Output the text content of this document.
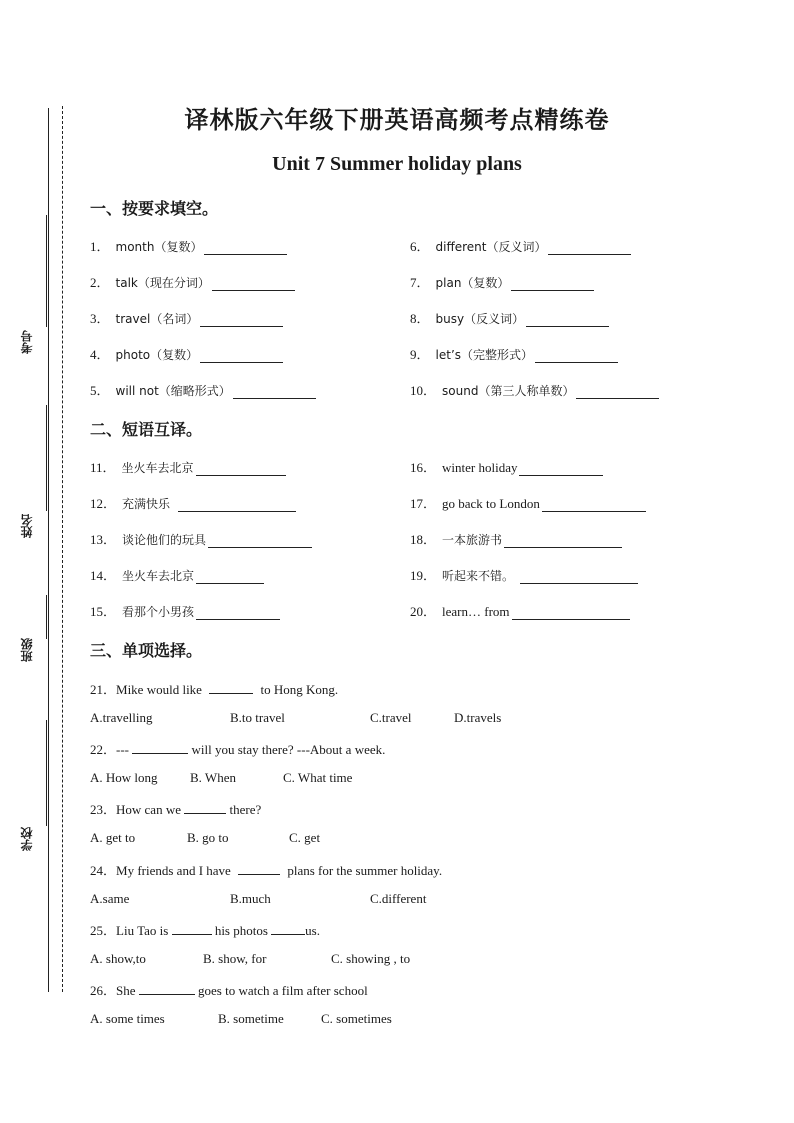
考号
姓名
班级
学校
译林版六年级下册英语高频考点精练卷
Unit 7 Summer holiday plans
一、按要求填空。
1． month（复数）
2． talk（现在分词）
3． travel（名词）
4． photo（复数）
5． will not（缩略形式）
6． different（反义词）
7． plan（复数）
8． busy（反义词）
9． let’s（完整形式）
10． sound（第三人称单数）
二、短语互译。
11． 坐火车去北京
12． 充满快乐
13． 谈论他们的玩具
14． 坐火车去北京
15． 看那个小男孩
16． winter holiday
17． go back to London
18． 一本旅游书
19． 听起来不错。
20． learn… from
三、单项选择。
21．Mike would like	to Hong Kong.
A.travelling	B.to travel	C.travel	D.travels
22．---	will you stay there? ---About a week.
A. How long B. When	C. What time
23．How can we	there?
A. get to	B. go to	C. get
24．My friends and I have	plans for the summer holiday.
A.same	B.much	C.different
25．Liu Tao is	his photos	us.
A. show,to	B. show, for	C. showing , to
26．She	goes to watch a film after school
A. some times	B. sometime	C. sometimes
